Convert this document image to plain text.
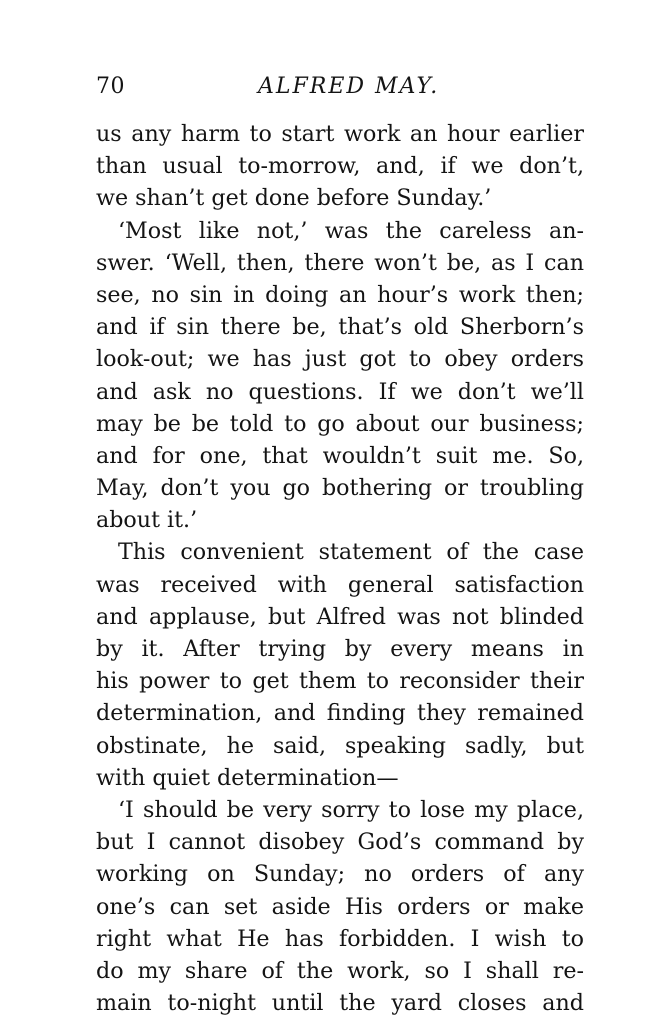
70	ALFRED MAY.
us any harm to start work an hour earlier
than usual to-morrow, and, if we don’t,
we shan’t get done before Sunday.’
‘Most like not,’ was the careless an-
swer. ‘Well, then, there won’t be, as I can
see, no sin in doing an hour’s work then;
and if sin there be, that’s old Sherborn’s
look-out; we has just got to obey orders
and ask no questions. If we don’t we’ll
may be be told to go about our business;
and for one, that wouldn’t suit me. So,
May, don’t you go bothering or troubling
about it.’
This convenient statement of the case
was received with general satisfaction
and applause, but Alfred was not blinded
by it. After trying by every means in
his power to get them to reconsider their
determination, and finding they remained
obstinate, he said, speaking sadly, but
with quiet determination—
‘I should be very sorry to lose my place,
but I cannot disobey God’s command by
working on Sunday; no orders of any
one’s can set aside His orders or make
right what He has forbidden. I wish to
do my share of the work, so I shall re-
main to-night until the yard closes and
